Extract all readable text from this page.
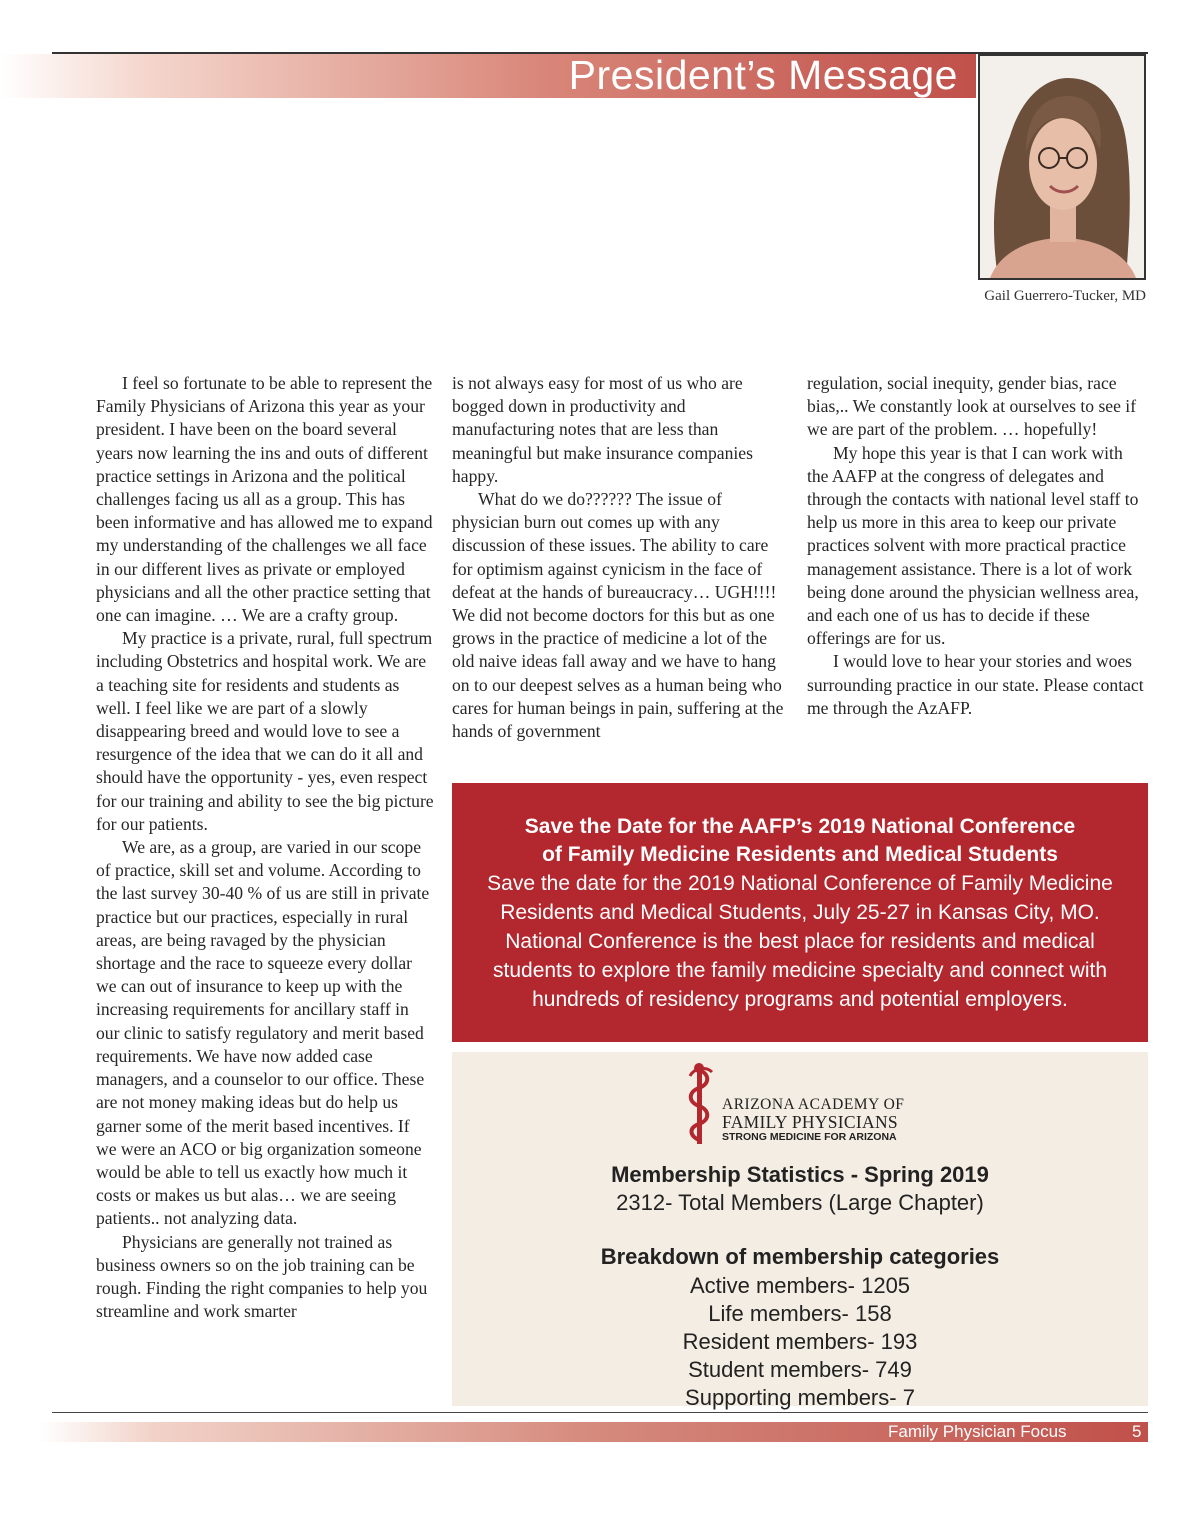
President’s Message
Gail Guerrero-Tucker, MD

I feel so fortunate to be able to represent the Family Physicians of Arizona this year as your president. I have been on the board several years now learning the ins and outs of different practice settings in Arizona and the political challenges facing us all as a group. This has been informative and has allowed me to expand my understanding of the challenges we all face in our different lives as private or employed physicians and all the other practice setting that one can imagine. … We are a crafty group.

My practice is a private, rural, full spectrum including Obstetrics and hospital work. We are a teaching site for residents and students as well. I feel like we are part of a slowly disappearing breed and would love to see a resurgence of the idea that we can do it all and should have the opportunity - yes, even respect for our training and ability to see the big picture for our patients.

We are, as a group, are varied in our scope of practice, skill set and volume. According to the last survey 30-40 % of us are still in private practice but our practices, especially in rural areas, are being ravaged by the physician shortage and the race to squeeze every dollar we can out of insurance to keep up with the increasing requirements for ancillary staff in our clinic to satisfy regulatory and merit based requirements. We have now added case managers, and a counselor to our office. These are not money making ideas but do help us garner some of the merit based incentives. If we were an ACO or big organization someone would be able to tell us exactly how much it costs or makes us but alas… we are seeing patients.. not analyzing data.

Physicians are generally not trained as business owners so on the job training can be rough. Finding the right companies to help you streamline and work smarter

is not always easy for most of us who are bogged down in productivity and manufacturing notes that are less than meaningful but make insurance companies happy.

What do we do?????? The issue of physician burn out comes up with any discussion of these issues. The ability to care for optimism against cynicism in the face of defeat at the hands of bureaucracy… UGH!!!! We did not become doctors for this but as one grows in the practice of medicine a lot of the old naive ideas fall away and we have to hang on to our deepest selves as a human being who cares for human beings in pain, suffering at the hands of government

regulation, social inequity, gender bias, race bias,.. We constantly look at ourselves to see if we are part of the problem. … hopefully!

My hope this year is that I can work with the AAFP at the congress of delegates and through the contacts with national level staff to help us more in this area to keep our private practices solvent with more practical practice management assistance. There is a lot of work being done around the physician wellness area, and each one of us has to decide if these offerings are for us.

I would love to hear your stories and woes surrounding practice in our state. Please contact me through the AzAFP.

Save the Date for the AAFP’s 2019 National Conference
of Family Medicine Residents and Medical Students
Save the date for the 2019 National Conference of Family Medicine
Residents and Medical Students, July 25-27 in Kansas City, MO.
National Conference is the best place for residents and medical
students to explore the family medicine specialty and connect with
hundreds of residency programs and potential employers.
ARIZONA ACADEMY OF
FAMILY PHYSICIANS
STRONG MEDICINE FOR ARIZONA
Membership Statistics - Spring 2019
2312- Total Members (Large Chapter)
Breakdown of membership categories
Active members- 1205
Life members- 158
Resident members- 193
Student members- 749
Supporting members- 7
Family Physician Focus	5
